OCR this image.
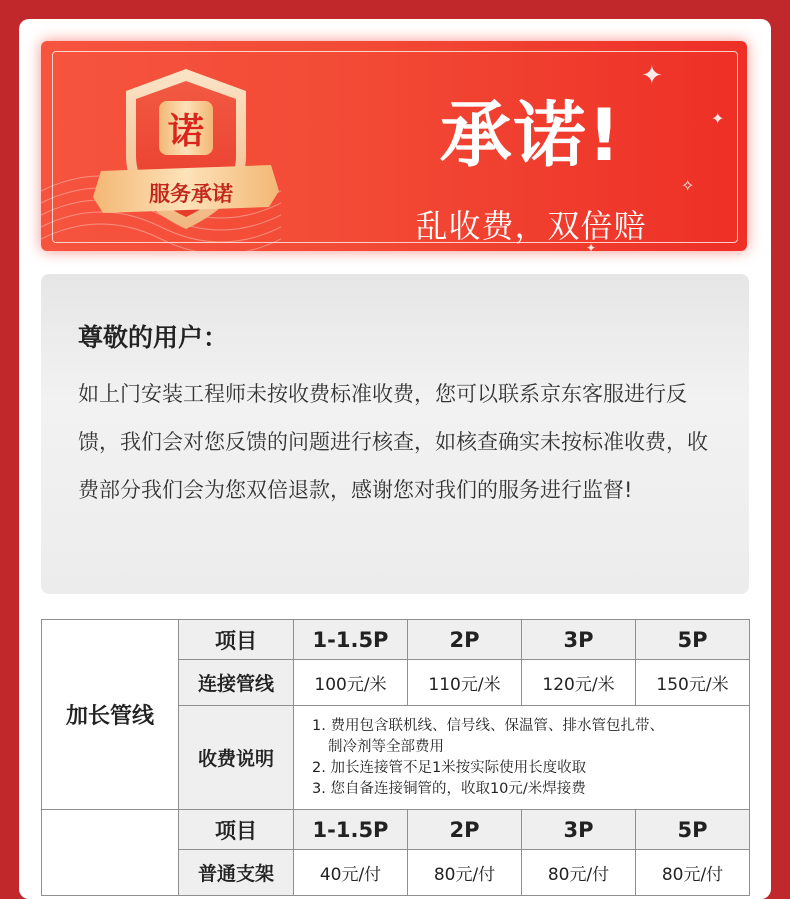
诺
服务承诺
承诺!
乱收费，双倍赔
✦
✦
✧
✦
尊敬的用户：
如上门安装工程师未按收费标准收费，您可以联系京东客服进行反馈，我们会对您反馈的问题进行核查，如核查确实未按标准收费，收费部分我们会为您双倍退款，感谢您对我们的服务进行监督!
加长管线	项目	1-1.5P	2P	3P	5P
	连接管线	100元/米	110元/米	120元/米	150元/米
	收费说明	1. 费用包含联机线、信号线、保温管、排水管包扎带、
制冷剂等全部费用
2. 加长连接管不足1米按实际使用长度收取
3. 您自备连接铜管的，收取10元/米焊接费			

	项目	1-1.5P	2P	3P	5P
	普通支架	40元/付	80元/付	80元/付	80元/付
